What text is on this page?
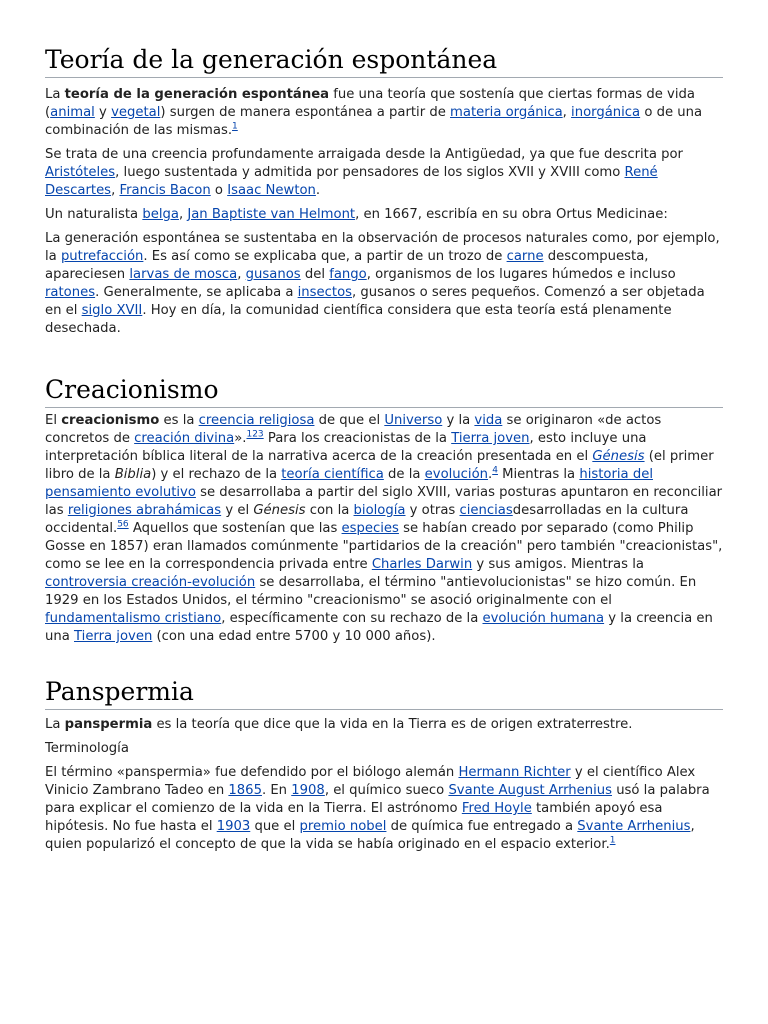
Teoría de la generación espontánea

La teoría de la generación espontánea fue una teoría que sostenía que ciertas formas de vida (animal y vegetal) surgen de manera espontánea a partir de materia orgánica, inorgánica o de una combinación de las mismas.$^1$

Se trata de una creencia profundamente arraigada desde la Antigüedad, ya que fue descrita por Aristóteles, luego sustentada y admitida por pensadores de los siglos XVII y XVIII como René Descartes, Francis Bacon o Isaac Newton.

Un naturalista belga, Jan Baptiste van Helmont, en 1667, escribía en su obra Ortus Medicinae:

La generación espontánea se sustentaba en la observación de procesos naturales como, por ejemplo, la putrefacción. Es así como se explicaba que, a partir de un trozo de carne descompuesta, apareciesen larvas de mosca, gusanos del fango, organismos de los lugares húmedos e incluso ratones. Generalmente, se aplicaba a insectos, gusanos o seres pequeños. Comenzó a ser objetada en el siglo XVII. Hoy en día, la comunidad científica considera que esta teoría está plenamente desechada.

Creacionismo

El creacionismo es la creencia religiosa de que el Universo y la vida se originaron «de actos concretos de creación divina».$^{123}$ Para los creacionistas de la Tierra joven, esto incluye una interpretación bíblica literal de la narrativa acerca de la creación presentada en el Génesis (el primer libro de la Biblia) y el rechazo de la teoría científica de la evolución.$^4$ Mientras la historia del pensamiento evolutivo se desarrollaba a partir del siglo XVIII, varias posturas apuntaron en reconciliar las religiones abrahámicas y el Génesis con la biología y otras cienciasdesarrolladas en la cultura occidental.$^{56}$ Aquellos que sostenían que las especies se habían creado por separado (como Philip Gosse en 1857) eran llamados comúnmente "partidarios de la creación" pero también "creacionistas", como se lee en la correspondencia privada entre Charles Darwin y sus amigos. Mientras la controversia creación-evolución se desarrollaba, el término "antievolucionistas" se hizo común. En 1929 en los Estados Unidos, el término "creacionismo" se asoció originalmente con el fundamentalismo cristiano, específicamente con su rechazo de la evolución humana y la creencia en una Tierra joven (con una edad entre 5700 y 10 000 años).

Panspermia

La panspermia es la teoría que dice que la vida en la Tierra es de origen extraterrestre.

Terminología

El término «panspermia» fue defendido por el biólogo alemán Hermann Richter y el científico Alex Vinicio Zambrano Tadeo en 1865. En 1908, el químico sueco Svante August Arrhenius usó la palabra para explicar el comienzo de la vida en la Tierra. El astrónomo Fred Hoyle también apoyó esa hipótesis. No fue hasta el 1903 que el premio nobel de química fue entregado a Svante Arrhenius, quien popularizó el concepto de que la vida se había originado en el espacio exterior.$^1$
